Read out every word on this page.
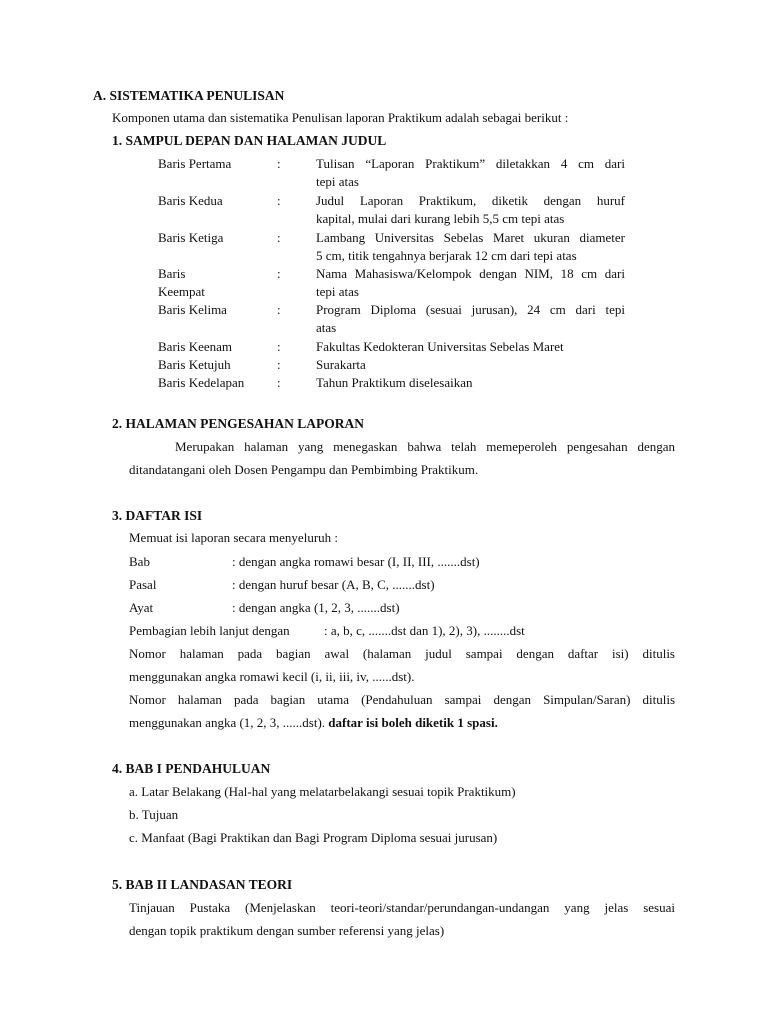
A. SISTEMATIKA PENULISAN
Komponen utama dan sistematika Penulisan laporan Praktikum adalah sebagai berikut :
1. SAMPUL DEPAN DAN HALAMAN JUDUL
Baris Pertama	:	Tulisan “Laporan Praktikum” diletakkan 4 cm dari
tepi atas
Baris Kedua	:	Judul Laporan Praktikum, diketik dengan huruf
kapital, mulai dari kurang lebih 5,5 cm tepi atas
Baris Ketiga	:	Lambang Universitas Sebelas Maret ukuran diameter
5 cm, titik tengahnya berjarak 12 cm dari tepi atas
Baris
Keempat
:	Nama Mahasiswa/Kelompok dengan NIM, 18 cm dari
tepi atas
Baris Kelima	:	Program Diploma (sesuai jurusan), 24 cm dari tepi
atas
Baris Keenam	:	Fakultas Kedokteran Universitas Sebelas Maret
Baris Ketujuh	:	Surakarta
Baris Kedelapan	:	Tahun Praktikum diselesaikan
2. HALAMAN PENGESAHAN LAPORAN
Merupakan halaman yang menegaskan bahwa telah memeperoleh pengesahan dengan
ditandatangani oleh Dosen Pengampu dan Pembimbing Praktikum.
3. DAFTAR ISI
Memuat isi laporan secara menyeluruh :
Bab	: dengan angka romawi besar (I, II, III, .......dst)
Pasal	: dengan huruf besar (A, B, C, .......dst)
Ayat	: dengan angka (1, 2, 3, .......dst)
Pembagian lebih lanjut dengan	: a, b, c, .......dst dan 1), 2), 3), ........dst
Nomor halaman pada bagian awal (halaman judul sampai dengan daftar isi) ditulis
menggunakan angka romawi kecil (i, ii, iii, iv, ......dst).
Nomor halaman pada bagian utama (Pendahuluan sampai dengan Simpulan/Saran) ditulis
menggunakan angka (1, 2, 3, ......dst). daftar isi boleh diketik 1 spasi.
4. BAB I PENDAHULUAN
a. Latar Belakang (Hal-hal yang melatarbelakangi sesuai topik Praktikum)
b. Tujuan
c. Manfaat (Bagi Praktikan dan Bagi Program Diploma sesuai jurusan)
5. BAB II LANDASAN TEORI
Tinjauan Pustaka (Menjelaskan teori-teori/standar/perundangan-undangan yang jelas sesuai
dengan topik praktikum dengan sumber referensi yang jelas)
